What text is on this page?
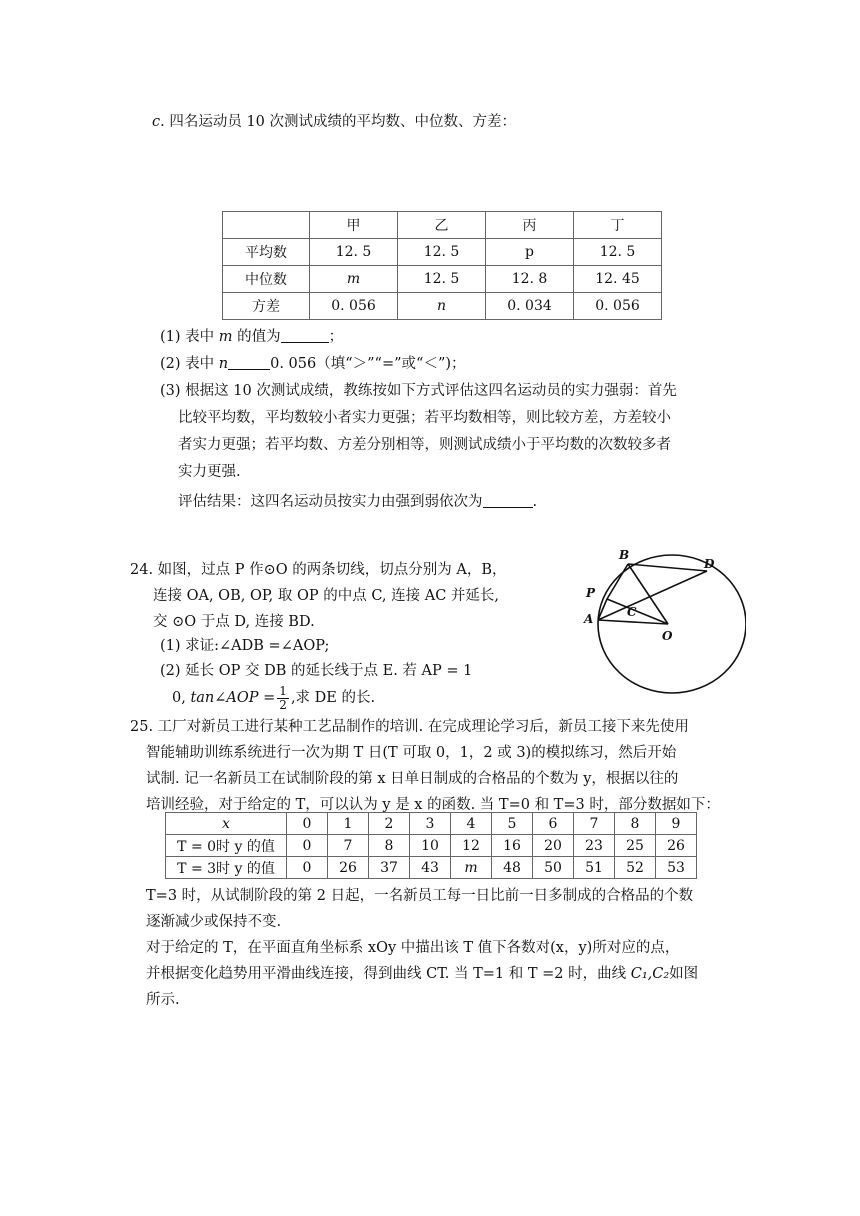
c. 四名运动员 10 次测试成绩的平均数、中位数、方差：
	甲	乙	丙	丁
平均数	12. 5	12. 5	p	12. 5
中位数	m	12. 5	12. 8	12. 45
方差	0. 056	n	0. 034	0. 056
(1) 表中 m 的值为	；
(2) 表中 n	0. 056（填“＞”“=”或“＜”)；
(3) 根据这 10 次测试成绩，教练按如下方式评估这四名运动员的实力强弱：首先
比较平均数，平均数较小者实力更强；若平均数相等，则比较方差，方差较小
者实力更强；若平均数、方差分别相等，则测试成绩小于平均数的次数较多者
实力更强.
评估结果：这四名运动员按实力由强到弱依次为	.
24. 如图，过点 P 作⊙O 的两条切线，切点分别为 A，B，
连接 OA, OB, OP, 取 OP 的中点 C, 连接 AC 并延长,
交 ⊙O 于点 D, 连接 BD.
(1) 求证:∠ADB =∠AOP;
(2) 延长 OP 交 DB 的延长线于点 E. 若 AP = 1
0, tan∠AOP = $\frac{1}{2}$ ,求 DE 的长.
B
D
P
C
A
O
25. 工厂对新员工进行某种工艺品制作的培训. 在完成理论学习后，新员工接下来先使用
智能辅助训练系统进行一次为期 T 日(T 可取 0，1，2 或 3)的模拟练习，然后开始
试制. 记一名新员工在试制阶段的第 x 日单日制成的合格品的个数为 y，根据以往的
培训经验，对于给定的 T，可以认为 y 是 x 的函数. 当 T=0 和 T=3 时，部分数据如下：
x	0	1	2	3	4	5	6	7	8	9
T = 0时 y 的值	0	7	8	10	12	16	20	23	25	26
T = 3时 y 的值	0	26	37	43	m	48	50	51	52	53
T=3 时，从试制阶段的第 2 日起，一名新员工每一日比前一日多制成的合格品的个数
逐渐减少或保持不变.
对于给定的 T，在平面直角坐标系 xOy 中描出该 T 值下各数对(x，y)所对应的点，
并根据变化趋势用平滑曲线连接，得到曲线 CT. 当 T=1 和 T =2 时，曲线 C₁,C₂如图
所示.
